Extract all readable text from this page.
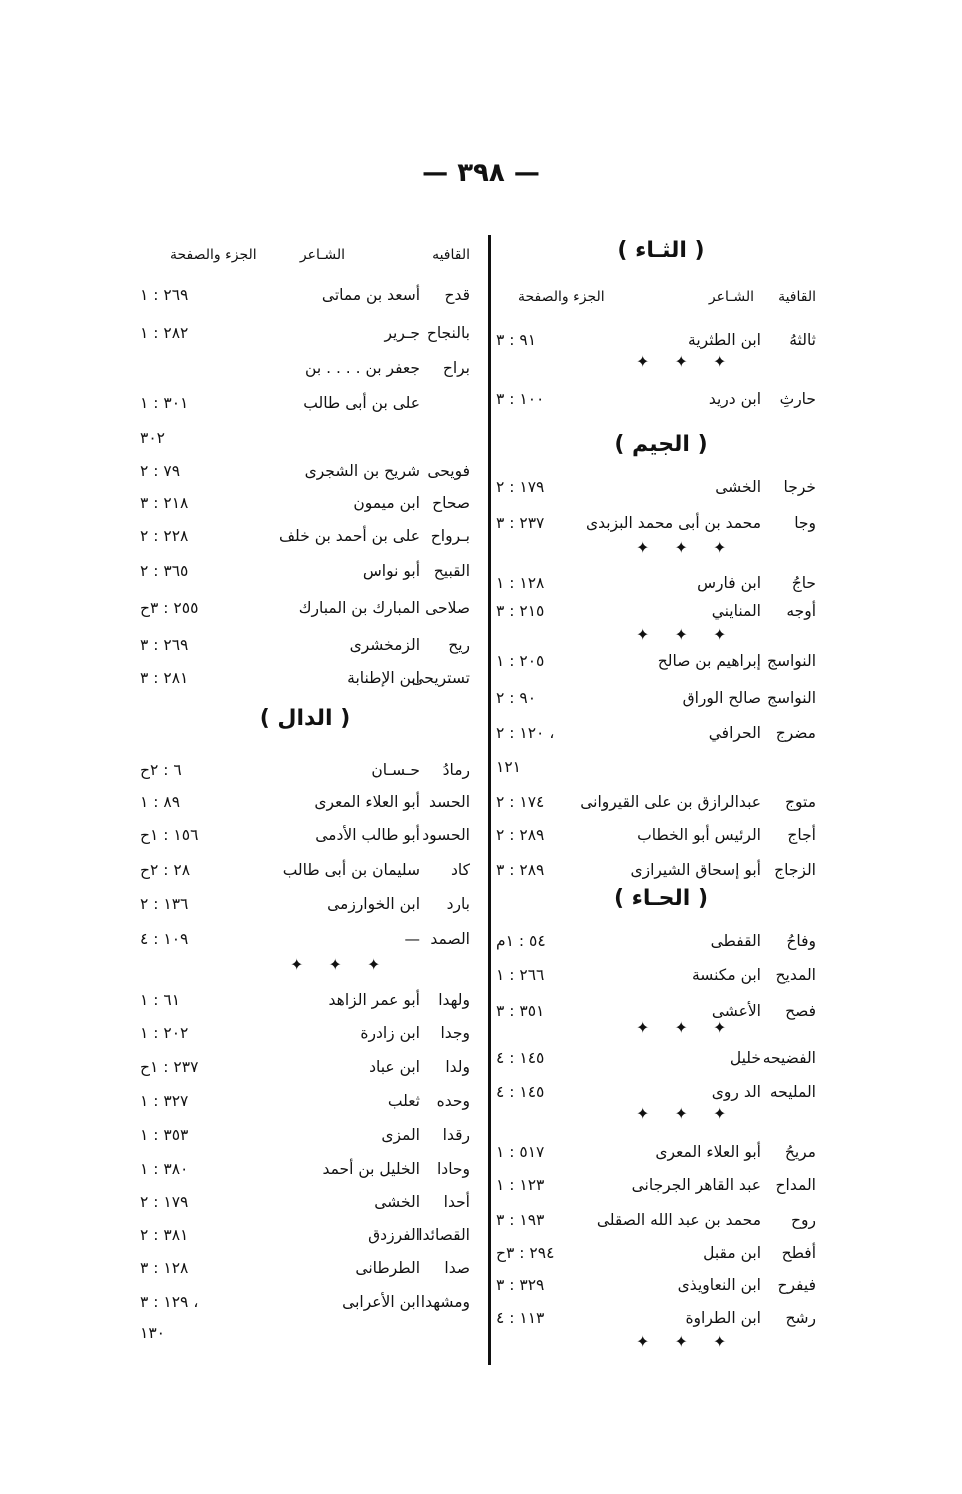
— ٣٩٨ —
( الثـاء )
القافية
الشـاعر
الجزء والصفحة
ثالثهُ
ابن الطثرية
٩١ : ٣
حارثِ
ابن دريد
١٠٠ : ٣
خرجا
الخشى
١٧٩ : ٢
وجا
محمد بن أبى محمد البزبدى
٢٣٧ : ٣
حاجُ
ابن فارس
١٢٨ : ١
أوجه
المنايني
٢١٥ : ٣
النواسج
إبراهيم بن صالح
٢٠٥ : ١
النواسج
صالح الوراق
٩٠ : ٢
مضرج
الحرافي
١٢٠ : ٢ ،
١٢١
متوج
عبدالرازق بن على القيروانى
١٧٤ : ٢
أجاج
الرئيس أبو الخطاب
٢٨٩ : ٢
الزجاج
أبو إسحاق الشيرازى
٢٨٩ : ٣
وفاحُ
القفطى
٥٤ : ١م
المديح
ابن مكنسة
٢٦٦ : ١
فصح
الأعشى
٣٥١ : ٣
الفضيحه
خليل
١٤٥ : ٤
المليحه
الد روى
١٤٥ : ٤
مريحُ
أبو العلاء المعرى
٥١٧ : ١
المداح
عبد القاهر الجرجانى
١٢٣ : ١
روح
محمد بن عبد الله الصقلى
١٩٣ : ٣
أفطح
ابن مقبل
٢٩٤ : ٣ح
فيفرح
ابن النعاويذى
٣٢٩ : ٣
رشح
ابن الطراوة
١١٣ : ٤
✦ ✦ ✦
( الجيم )
✦ ✦ ✦
✦ ✦ ✦
( الحـاء )
✦ ✦ ✦
✦ ✦ ✦
✦ ✦ ✦
القافيه
الشـاعر
الجزء والصفحة
قدح
أسعد بن مماتى
٢٦٩ : ١
بالنجاح
جـرير
٢٨٢ : ١
براح
جعفر بن . . . . بن
على بن أبى طالب
٣٠١ : ١
٣٠٢
فويحى
شريح بن الشجرى
٧٩ : ٢
صحاح
ابن ميمون
٢١٨ : ٣
بـرواح
على بن أحمد بن خلف
٢٢٨ : ٢
القبيح
أبو نواس
٣٦٥ : ٢
صلاحى
المبارك بن المبارك
٢٥٥ : ٣ح
ريح
الزمخشرى
٢٦٩ : ٣
تستريحى
ابن الإطنابة
٢٨١ : ٣
( الدال )
رمادُ
حـسـان
٦ : ٢ح
الحسد
أبو العلاء المعرى
٨٩ : ١
الحسود
أبو طالب الأدمى
١٥٦ : ١ح
كاد
سليمان بن أبى طالب
٢٨ : ٢ح
بارد
ابن الخوارزمى
١٣٦ : ٢
الصمد
—
١٠٩ : ٤
✦ ✦ ✦
ولهدا
أبو عمر الزاهد
٦١ : ١
وجدا
ابن زادرة
٢٠٢ : ١
ولدا
ابن عباد
٢٣٧ : ١ح
وحده
ثعلب
٣٢٧ : ١
رقدا
المزى
٣٥٣ : ١
وحادا
الخليل بن أحمد
٣٨٠ : ١
أحدا
الخشى
١٧٩ : ٢
القصائدا
الفرزدق
٣٨١ : ٢
صدا
الطرطانى
١٢٨ : ٣
ومشهدا
ابن الأعرابى
١٢٩ : ٣ ،
١٣٠
